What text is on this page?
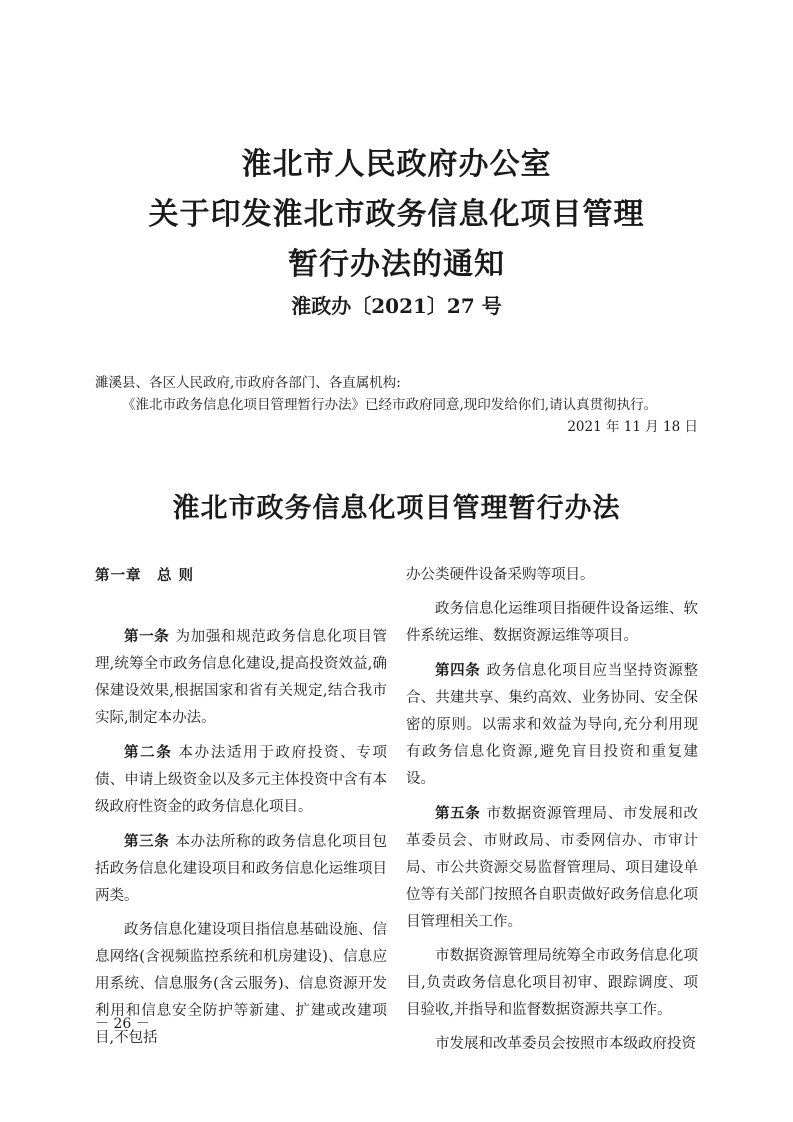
淮北市人民政府办公室

关于印发淮北市政务信息化项目管理

暂行办法的通知

淮政办〔2021〕27 号

濉溪县、各区人民政府,市政府各部门、各直属机构:

《淮北市政务信息化项目管理暂行办法》已经市政府同意,现印发给你们,请认真贯彻执行。

2021 年 11 月 18 日

淮北市政务信息化项目管理暂行办法

第一章　总 则

第一条 为加强和规范政务信息化项目管理,统筹全市政务信息化建设,提高投资效益,确保建设效果,根据国家和省有关规定,结合我市实际,制定本办法。

第二条 本办法适用于政府投资、专项债、申请上级资金以及多元主体投资中含有本级政府性资金的政务信息化项目。

第三条 本办法所称的政务信息化项目包括政务信息化建设项目和政务信息化运维项目两类。

政务信息化建设项目指信息基础设施、信息网络(含视频监控系统和机房建设)、信息应用系统、信息服务(含云服务)、信息资源开发利用和信息安全防护等新建、扩建或改建项目,不包括

办公类硬件设备采购等项目。

政务信息化运维项目指硬件设备运维、软件系统运维、数据资源运维等项目。

第四条 政务信息化项目应当坚持资源整合、共建共享、集约高效、业务协同、安全保密的原则。以需求和效益为导向,充分利用现有政务信息化资源,避免盲目投资和重复建设。

第五条 市数据资源管理局、市发展和改革委员会、市财政局、市委网信办、市审计局、市公共资源交易监督管理局、项目建设单位等有关部门按照各自职责做好政务信息化项目管理相关工作。

市数据资源管理局统筹全市政务信息化项目,负责政务信息化项目初审、跟踪调度、项目验收,并指导和监督数据资源共享工作。

市发展和改革委员会按照市本级政府投资

－ 26 －
